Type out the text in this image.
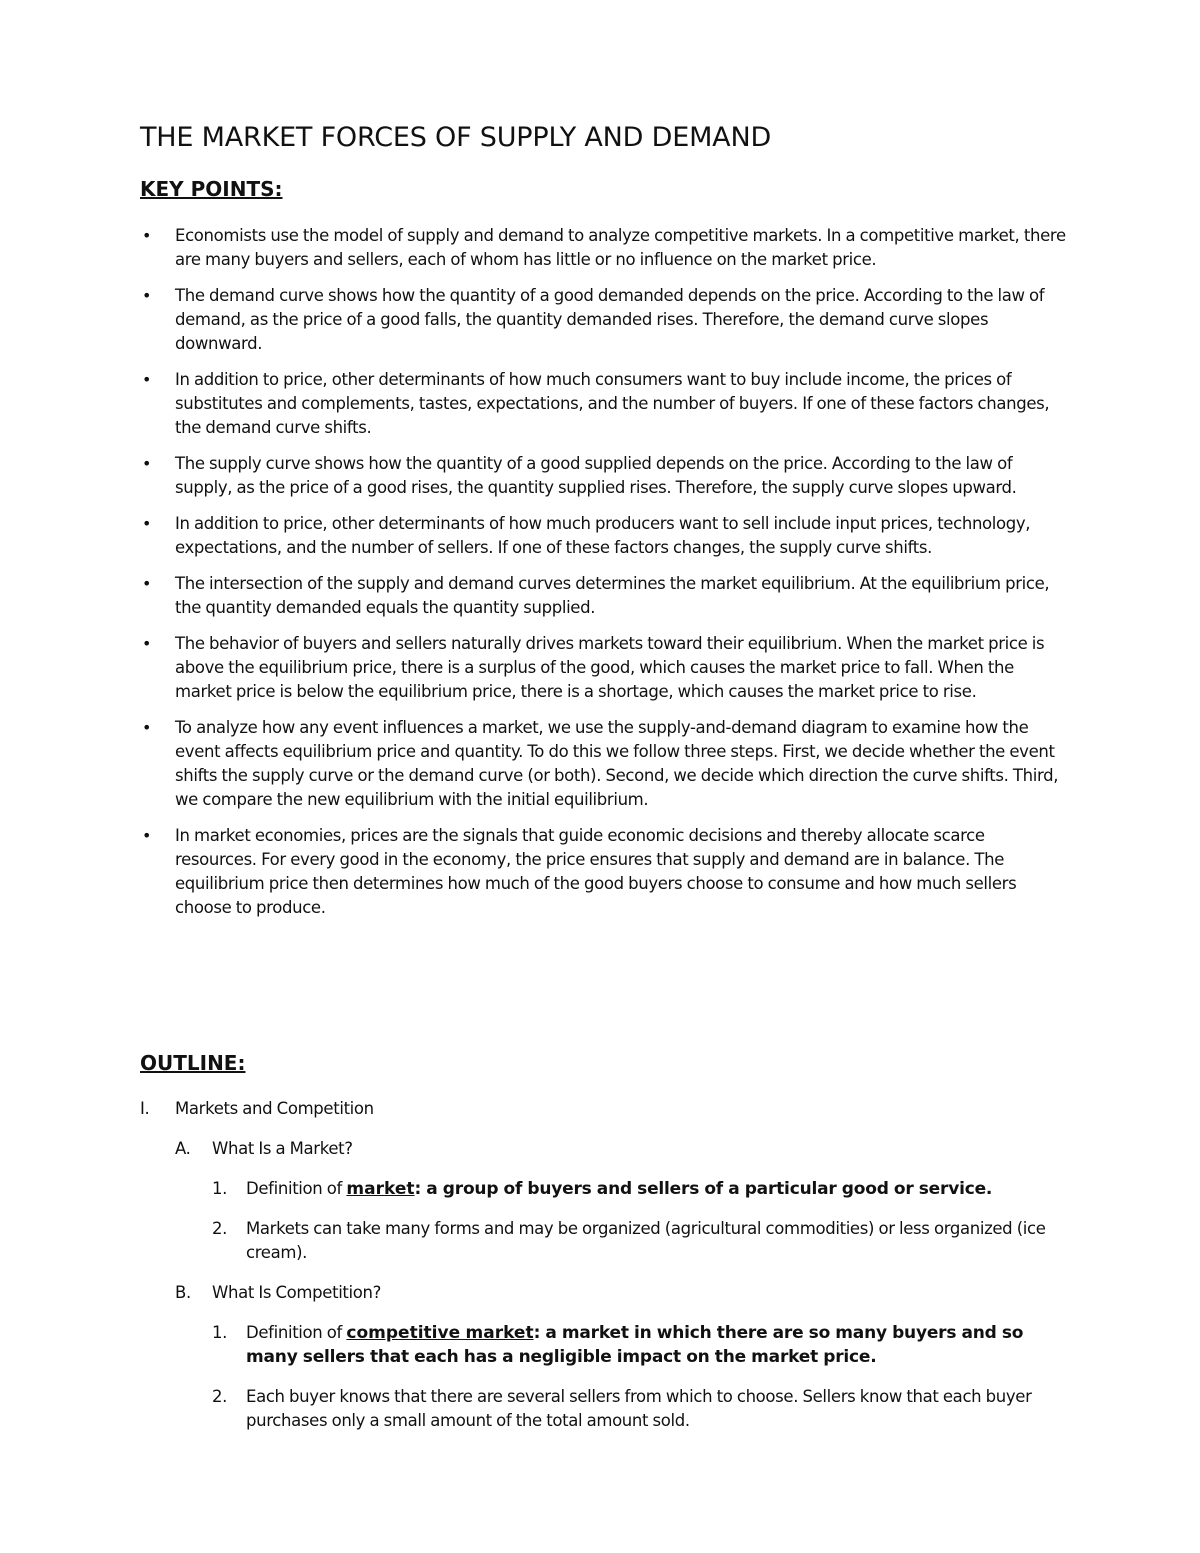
THE MARKET FORCES OF SUPPLY AND DEMAND
KEY POINTS:
• Economists use the model of supply and demand to analyze competitive markets. In a competitive market, there are many buyers and sellers, each of whom has little or no influence on the market price.
• The demand curve shows how the quantity of a good demanded depends on the price. According to the law of demand, as the price of a good falls, the quantity demanded rises. Therefore, the demand curve slopes downward.
• In addition to price, other determinants of how much consumers want to buy include income, the prices of substitutes and complements, tastes, expectations, and the number of buyers. If one of these factors changes, the demand curve shifts.
• The supply curve shows how the quantity of a good supplied depends on the price. According to the law of supply, as the price of a good rises, the quantity supplied rises. Therefore, the supply curve slopes upward.
• In addition to price, other determinants of how much producers want to sell include input prices, technology, expectations, and the number of sellers. If one of these factors changes, the supply curve shifts.
• The intersection of the supply and demand curves determines the market equilibrium. At the equilibrium price, the quantity demanded equals the quantity supplied.
• The behavior of buyers and sellers naturally drives markets toward their equilibrium. When the market price is above the equilibrium price, there is a surplus of the good, which causes the market price to fall. When the market price is below the equilibrium price, there is a shortage, which causes the market price to rise.
• To analyze how any event influences a market, we use the supply-and-demand diagram to examine how the event affects equilibrium price and quantity. To do this we follow three steps. First, we decide whether the event shifts the supply curve or the demand curve (or both). Second, we decide which direction the curve shifts. Third, we compare the new equilibrium with the initial equilibrium.
• In market economies, prices are the signals that guide economic decisions and thereby allocate scarce resources. For every good in the economy, the price ensures that supply and demand are in balance. The equilibrium price then determines how much of the good buyers choose to consume and how much sellers choose to produce.
OUTLINE:
I. Markets and Competition
A. What Is a Market?
1. Definition of market: a group of buyers and sellers of a particular good or service.
2. Markets can take many forms and may be organized (agricultural commodities) or less organized (ice cream).
B. What Is Competition?
1. Definition of competitive market: a market in which there are so many buyers and so many sellers that each has a negligible impact on the market price.
2. Each buyer knows that there are several sellers from which to choose. Sellers know that each buyer purchases only a small amount of the total amount sold.
